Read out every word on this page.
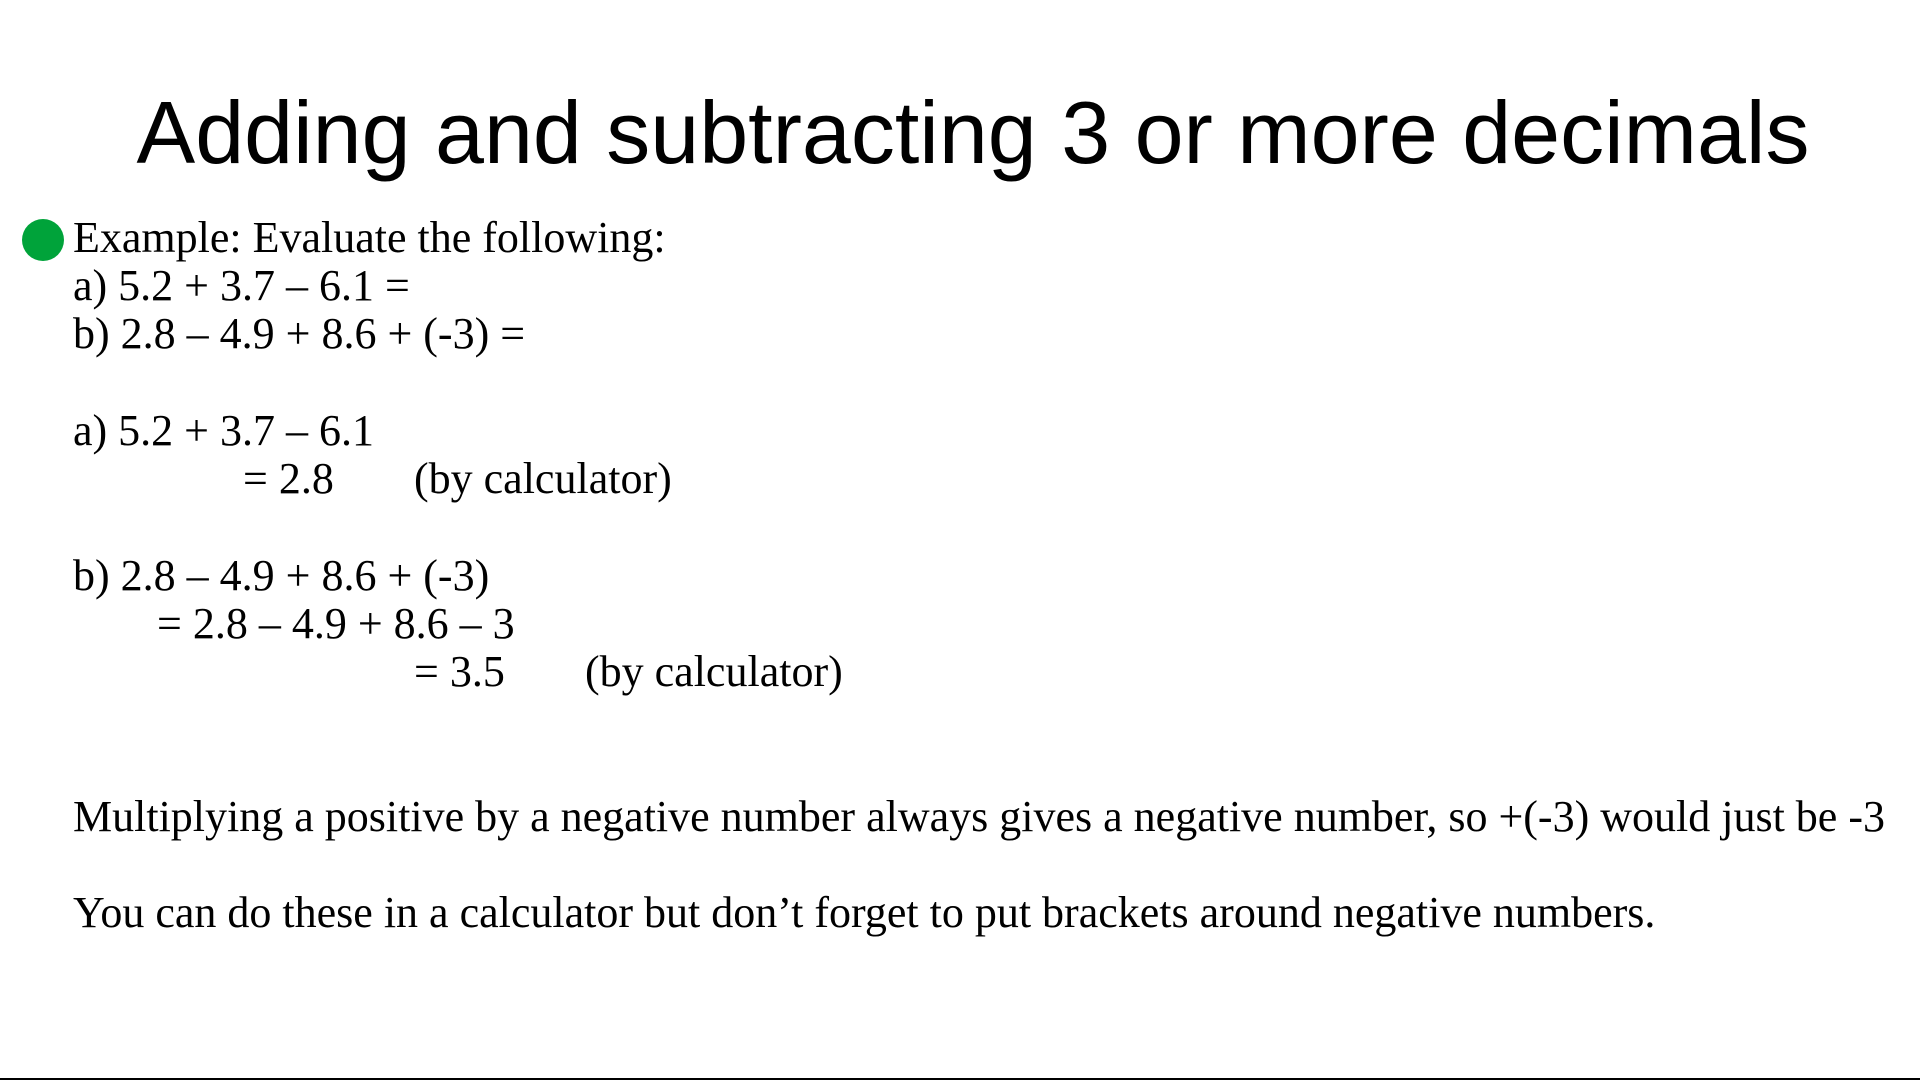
Adding and subtracting 3 or more decimals
Example: Evaluate the following:
a) 5.2 + 3.7 – 6.1 =
b) 2.8 – 4.9 + 8.6 + (-3) =
a) 5.2 + 3.7 – 6.1
= 2.8 (by calculator)
b) 2.8 – 4.9 + 8.6 + (-3)
= 2.8 – 4.9 + 8.6 – 3
= 3.5 (by calculator)
Multiplying a positive by a negative number always gives a negative number, so +(-3) would just be -3
You can do these in a calculator but don’t forget to put brackets around negative numbers.
